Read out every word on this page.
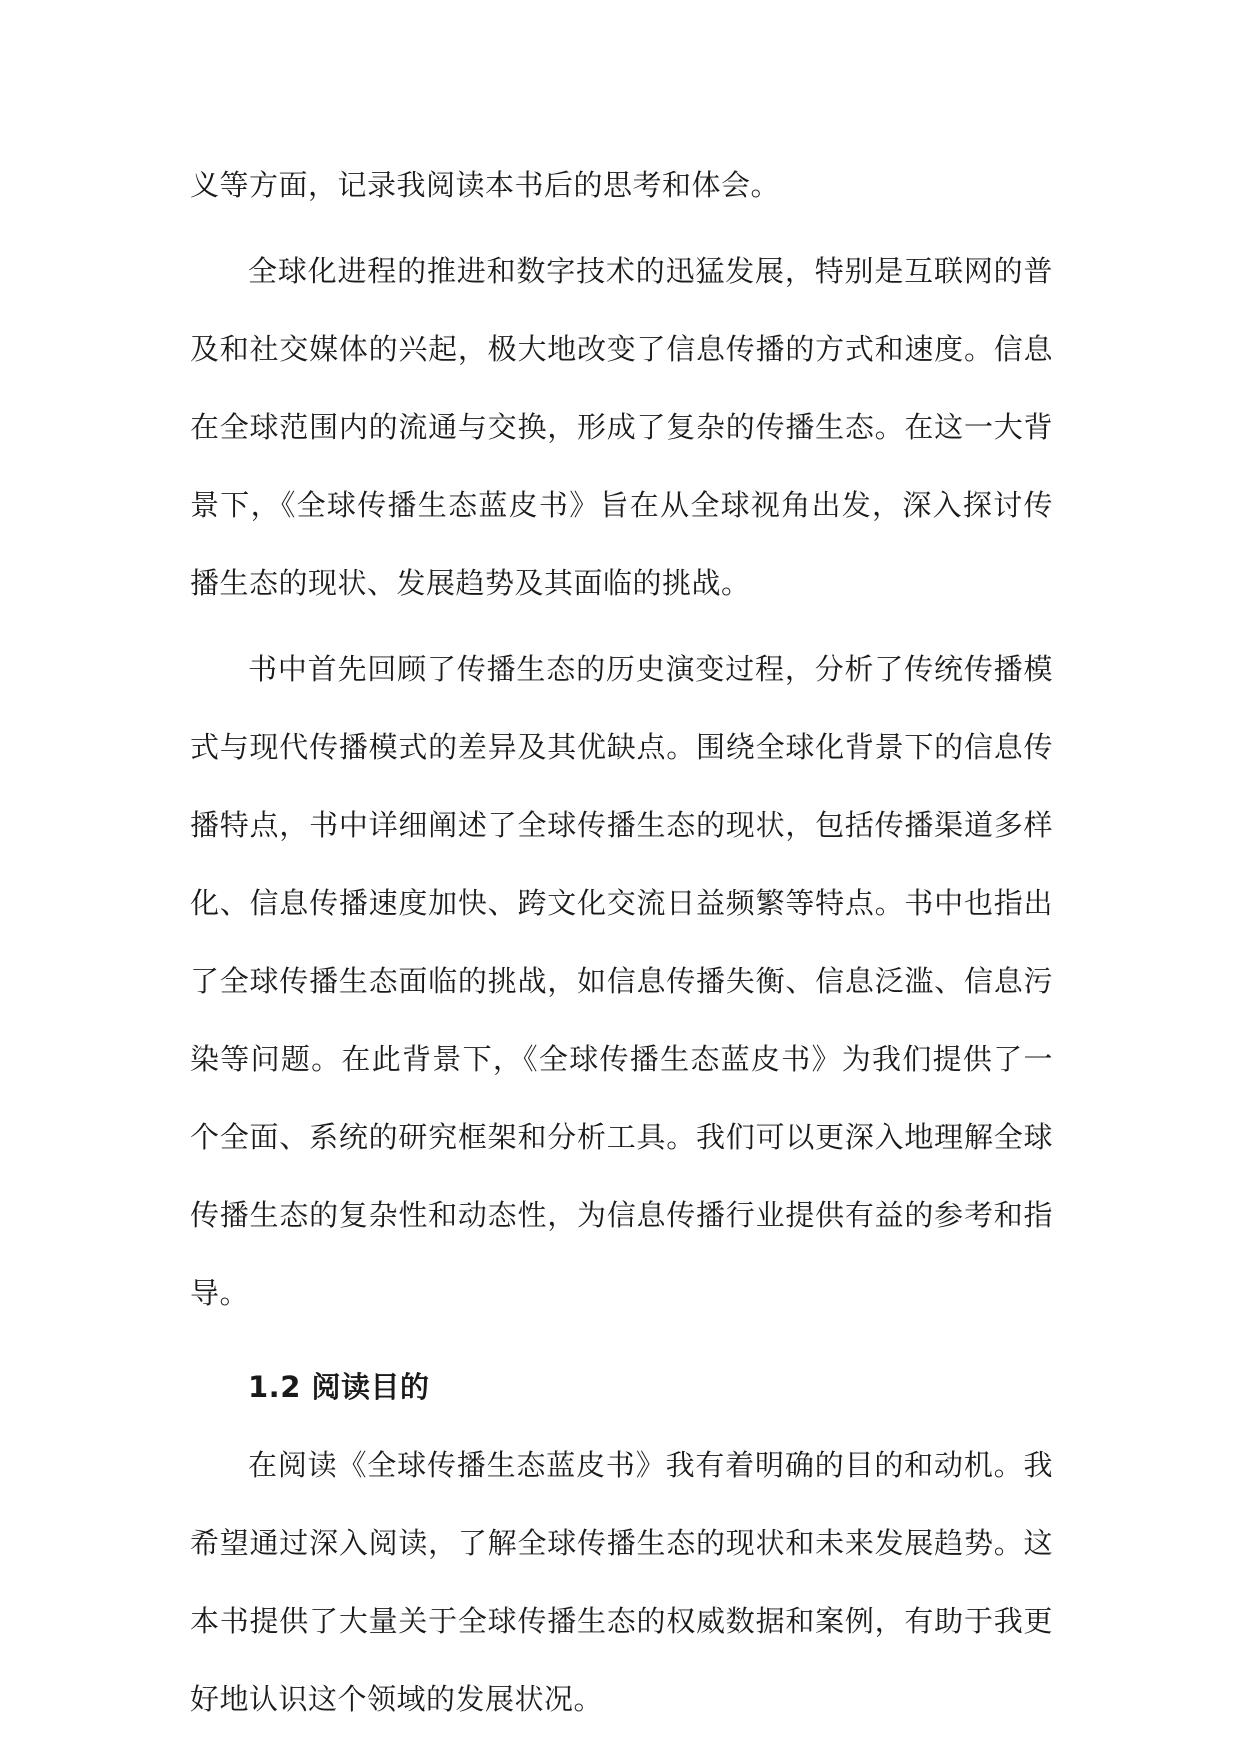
义等方面，记录我阅读本书后的思考和体会。

全球化进程的推进和数字技术的迅猛发展，特别是互联网的普及和社交媒体的兴起，极大地改变了信息传播的方式和速度。信息在全球范围内的流通与交换，形成了复杂的传播生态。在这一大背景下，《全球传播生态蓝皮书》旨在从全球视角出发，深入探讨传播生态的现状、发展趋势及其面临的挑战。

书中首先回顾了传播生态的历史演变过程，分析了传统传播模式与现代传播模式的差异及其优缺点。围绕全球化背景下的信息传播特点，书中详细阐述了全球传播生态的现状，包括传播渠道多样化、信息传播速度加快、跨文化交流日益频繁等特点。书中也指出了全球传播生态面临的挑战，如信息传播失衡、信息泛滥、信息污染等问题。在此背景下，《全球传播生态蓝皮书》为我们提供了一个全面、系统的研究框架和分析工具。我们可以更深入地理解全球传播生态的复杂性和动态性，为信息传播行业提供有益的参考和指导。

1.2 阅读目的

在阅读《全球传播生态蓝皮书》我有着明确的目的和动机。我希望通过深入阅读，了解全球传播生态的现状和未来发展趋势。这本书提供了大量关于全球传播生态的权威数据和案例，有助于我更好地认识这个领域的发展状况。
